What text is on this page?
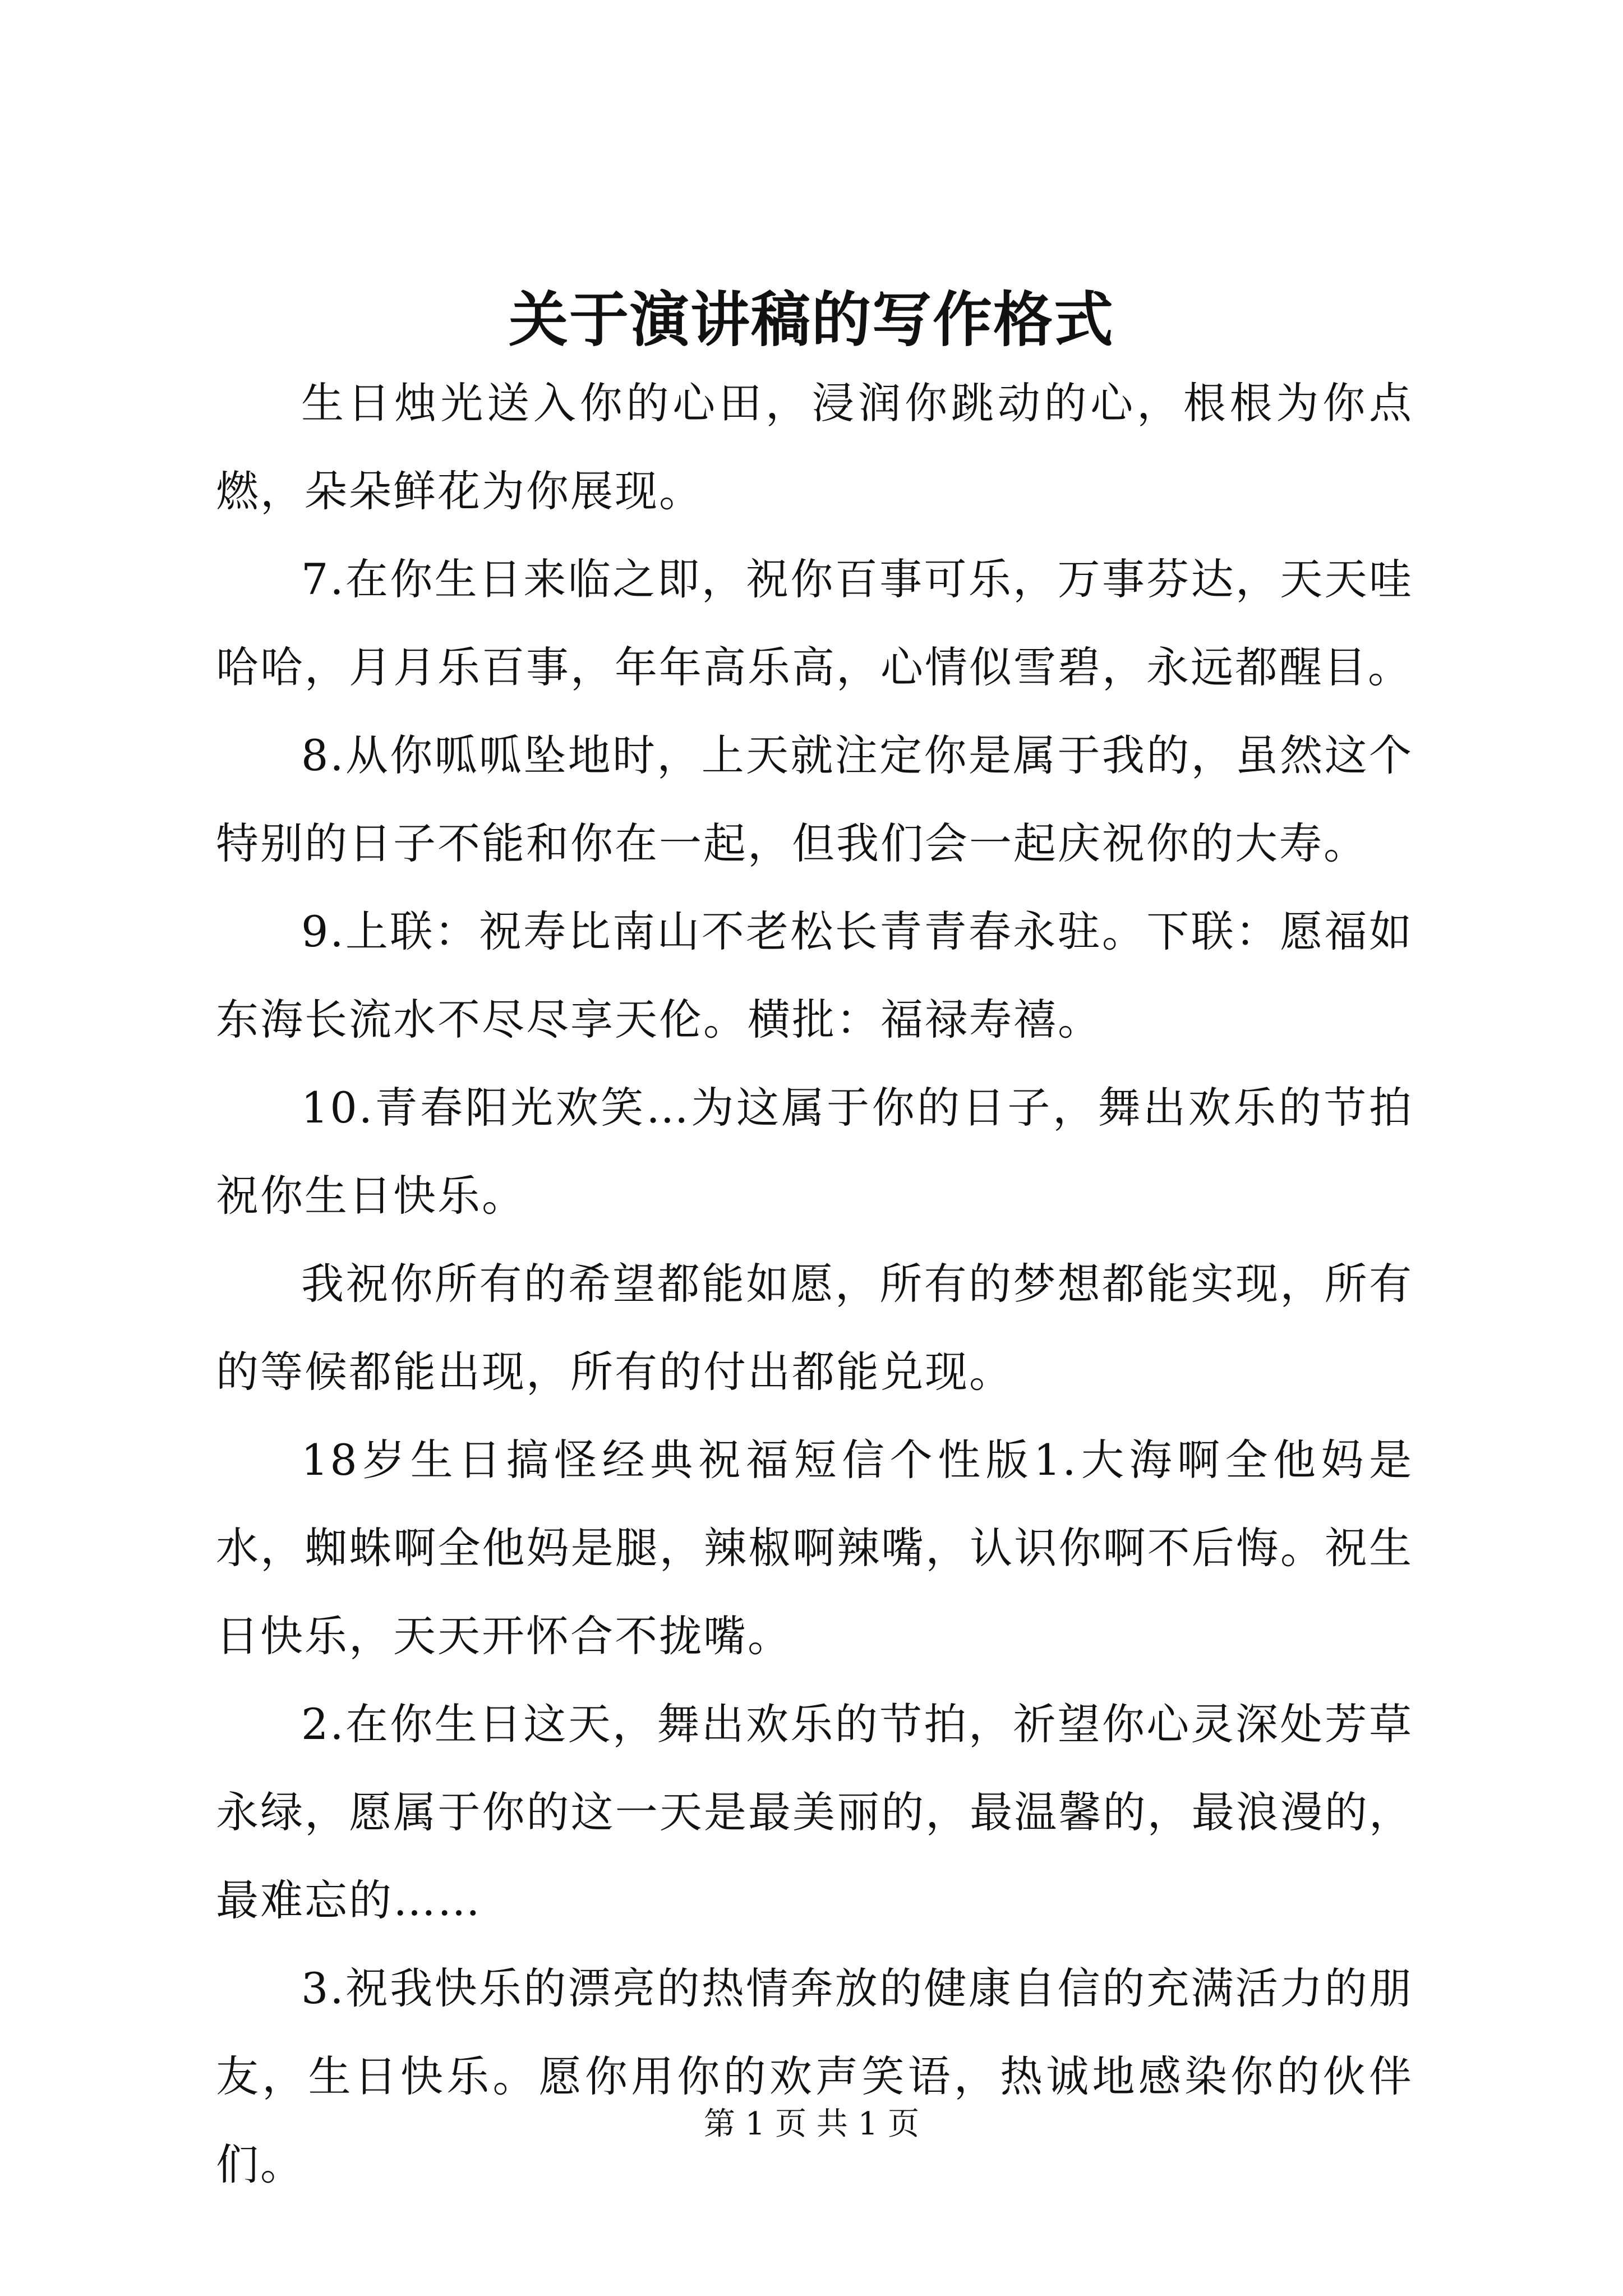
关于演讲稿的写作格式

生日烛光送入你的心田，浸润你跳动的心，根根为你点燃，朵朵鲜花为你展现。

7.在你生日来临之即，祝你百事可乐，万事芬达，天天哇哈哈，月月乐百事，年年高乐高，心情似雪碧，永远都醒目。

8.从你呱呱坠地时，上天就注定你是属于我的，虽然这个特别的日子不能和你在一起，但我们会一起庆祝你的大寿。

9.上联：祝寿比南山不老松长青青春永驻。下联：愿福如东海长流水不尽尽享天伦。横批：福禄寿禧。

10.青春阳光欢笑…为这属于你的日子，舞出欢乐的节拍祝你生日快乐。

我祝你所有的希望都能如愿，所有的梦想都能实现，所有的等候都能出现，所有的付出都能兑现。

18岁生日搞怪经典祝福短信个性版1.大海啊全他妈是水，蜘蛛啊全他妈是腿，辣椒啊辣嘴，认识你啊不后悔。祝生日快乐，天天开怀合不拢嘴。

2.在你生日这天，舞出欢乐的节拍，祈望你心灵深处芳草永绿，愿属于你的这一天是最美丽的，最温馨的，最浪漫的，最难忘的……

3.祝我快乐的漂亮的热情奔放的健康自信的充满活力的朋友，生日快乐。愿你用你的欢声笑语，热诚地感染你的伙伴们。

第 1 页 共 1 页
